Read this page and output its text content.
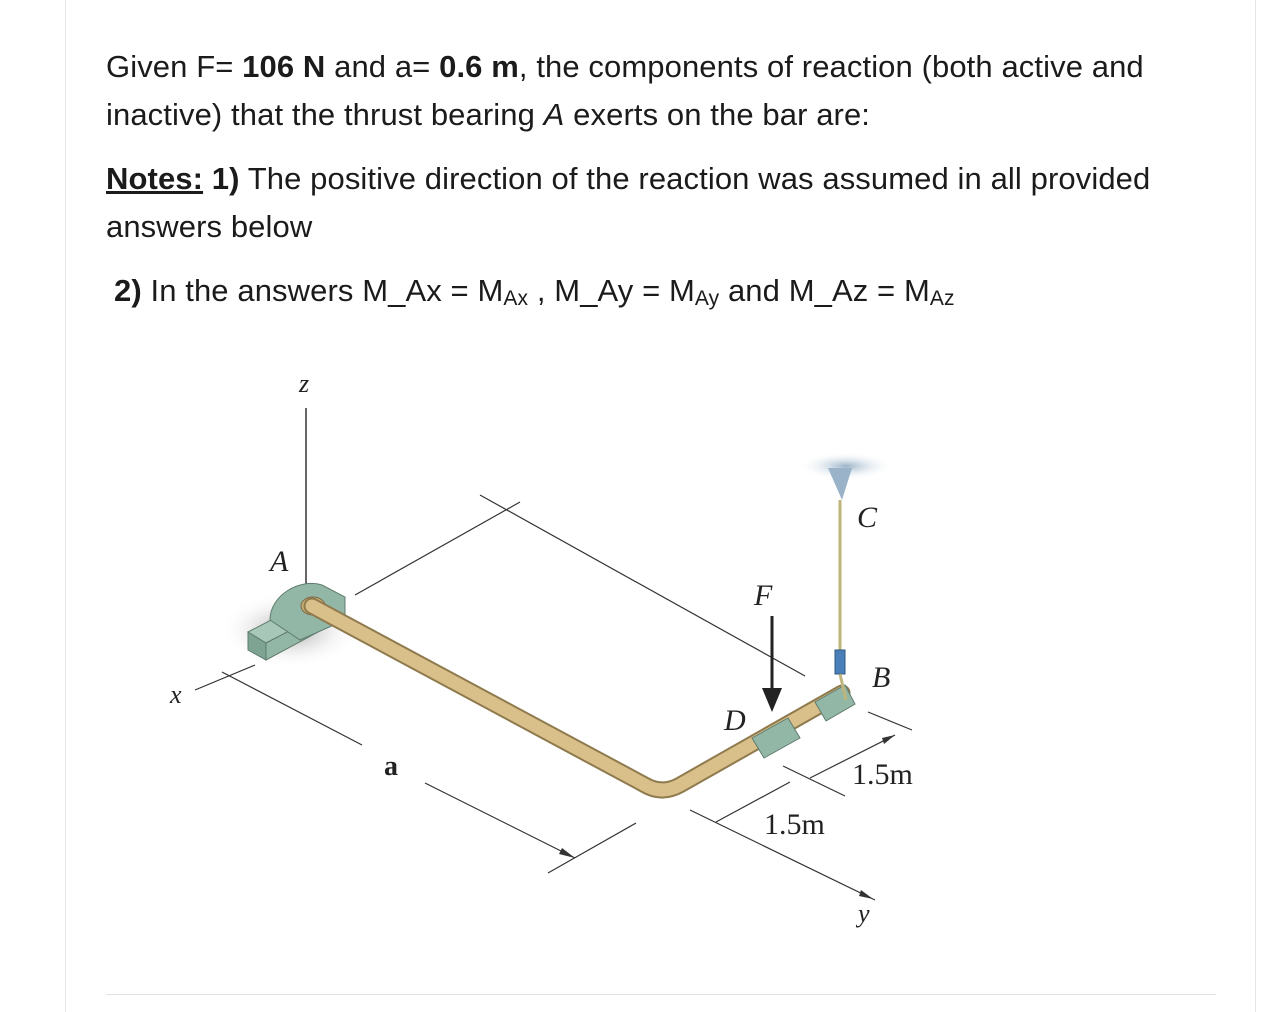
Given F= 106 N and a= 0.6 m, the components of reaction (both active and inactive) that the thrust bearing A exerts on the bar are:
Notes: 1) The positive direction of the reaction was assumed in all provided answers below
2) In the answers M_Ax = MAx , M_Ay = MAy and M_Az = MAz
z
x
y
A
B
C
D
F
a	1.5m
1.5m
